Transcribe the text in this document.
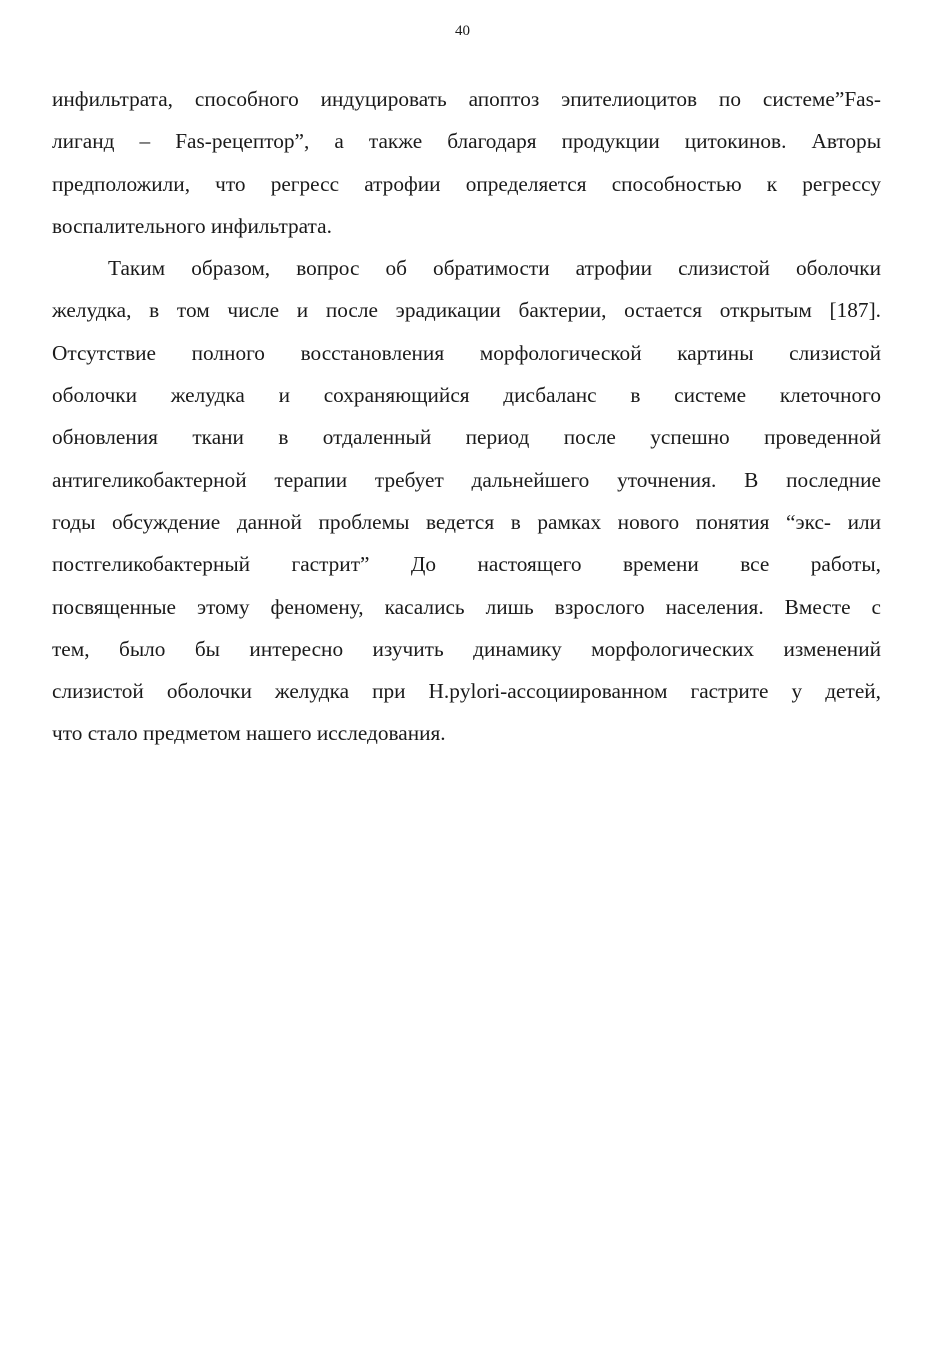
40
инфильтрата, способного индуцировать апоптоз эпителиоцитов по системе”Fas-
лиганд – Fas-рецептор”, а также благодаря продукции цитокинов. Авторы
предположили, что регресс атрофии определяется способностью к регрессу
воспалительного инфильтрата.
Таким образом, вопрос об обратимости атрофии слизистой оболочки
желудка, в том числе и после эрадикации бактерии, остается открытым [187].
Отсутствие полного восстановления морфологической картины слизистой
оболочки желудка и сохраняющийся дисбаланс в системе клеточного
обновления ткани в отдаленный период после успешно проведенной
антигеликобактерной терапии требует дальнейшего уточнения. В последние
годы обсуждение данной проблемы ведется в рамках нового понятия “экс- или
постгеликобактерный гастрит” До настоящего времени все работы,
посвященные этому феномену, касались лишь взрослого населения. Вместе с
тем, было бы интересно изучить динамику морфологических изменений
слизистой оболочки желудка при H.pylori-ассоциированном гастрите у детей,
что стало предметом нашего исследования.
